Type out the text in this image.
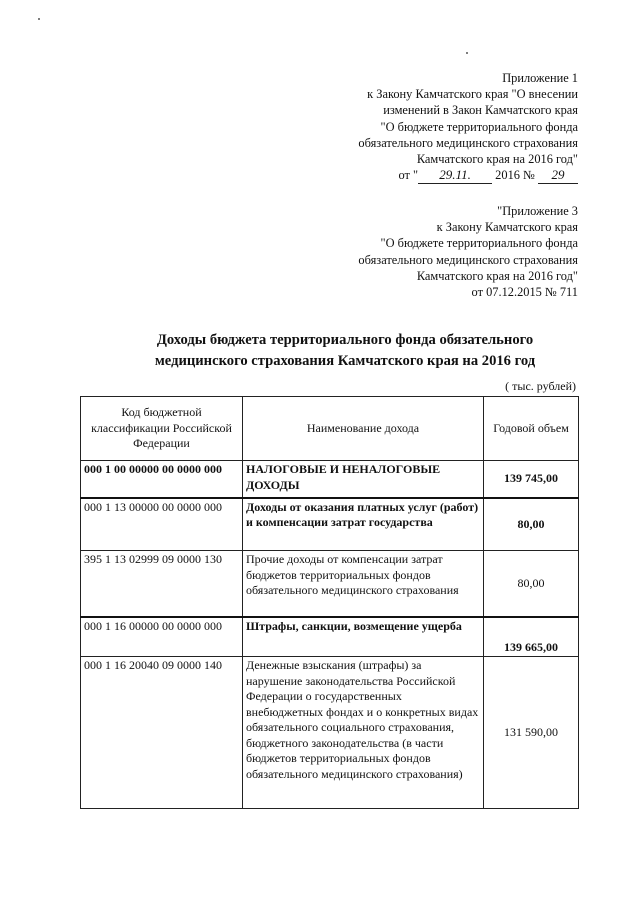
Приложение 1
к Закону Камчатского края "О внесении
изменений в Закон Камчатского края
"О бюджете территориального фонда
обязательного медицинского страхования
Камчатского края на 2016 год"
от " 29.11. 2016 № 29
"Приложение 3
к Закону Камчатского края
"О бюджете территориального фонда
обязательного медицинского страхования
Камчатского края на 2016 год"
от 07.12.2015 № 711
Доходы бюджета территориального фонда обязательного
медицинского страхования Камчатского края на 2016 год
( тыс. рублей)
Код бюджетной классификации Российской Федерации	Наименование дохода	Годовой объем
000 1 00 00000 00 0000 000	НАЛОГОВЫЕ И НЕНАЛОГОВЫЕ ДОХОДЫ	139 745,00
000 1 13 00000 00 0000 000	Доходы от оказания платных услуг (работ) и компенсации затрат государства	80,00
395 1 13 02999 09 0000 130	Прочие доходы от компенсации затрат бюджетов территориальных фондов обязательного медицинского страхования	80,00
000 1 16 00000 00 0000 000	Штрафы, санкции, возмещение ущерба	139 665,00
000 1 16 20040 09 0000 140	Денежные взыскания (штрафы) за нарушение законодательства Российской Федерации о государственных внебюджетных фондах и о конкретных видах обязательного социального страхования, бюджетного законодательства (в части бюджетов территориальных фондов обязательного медицинского страхования)	131 590,00
